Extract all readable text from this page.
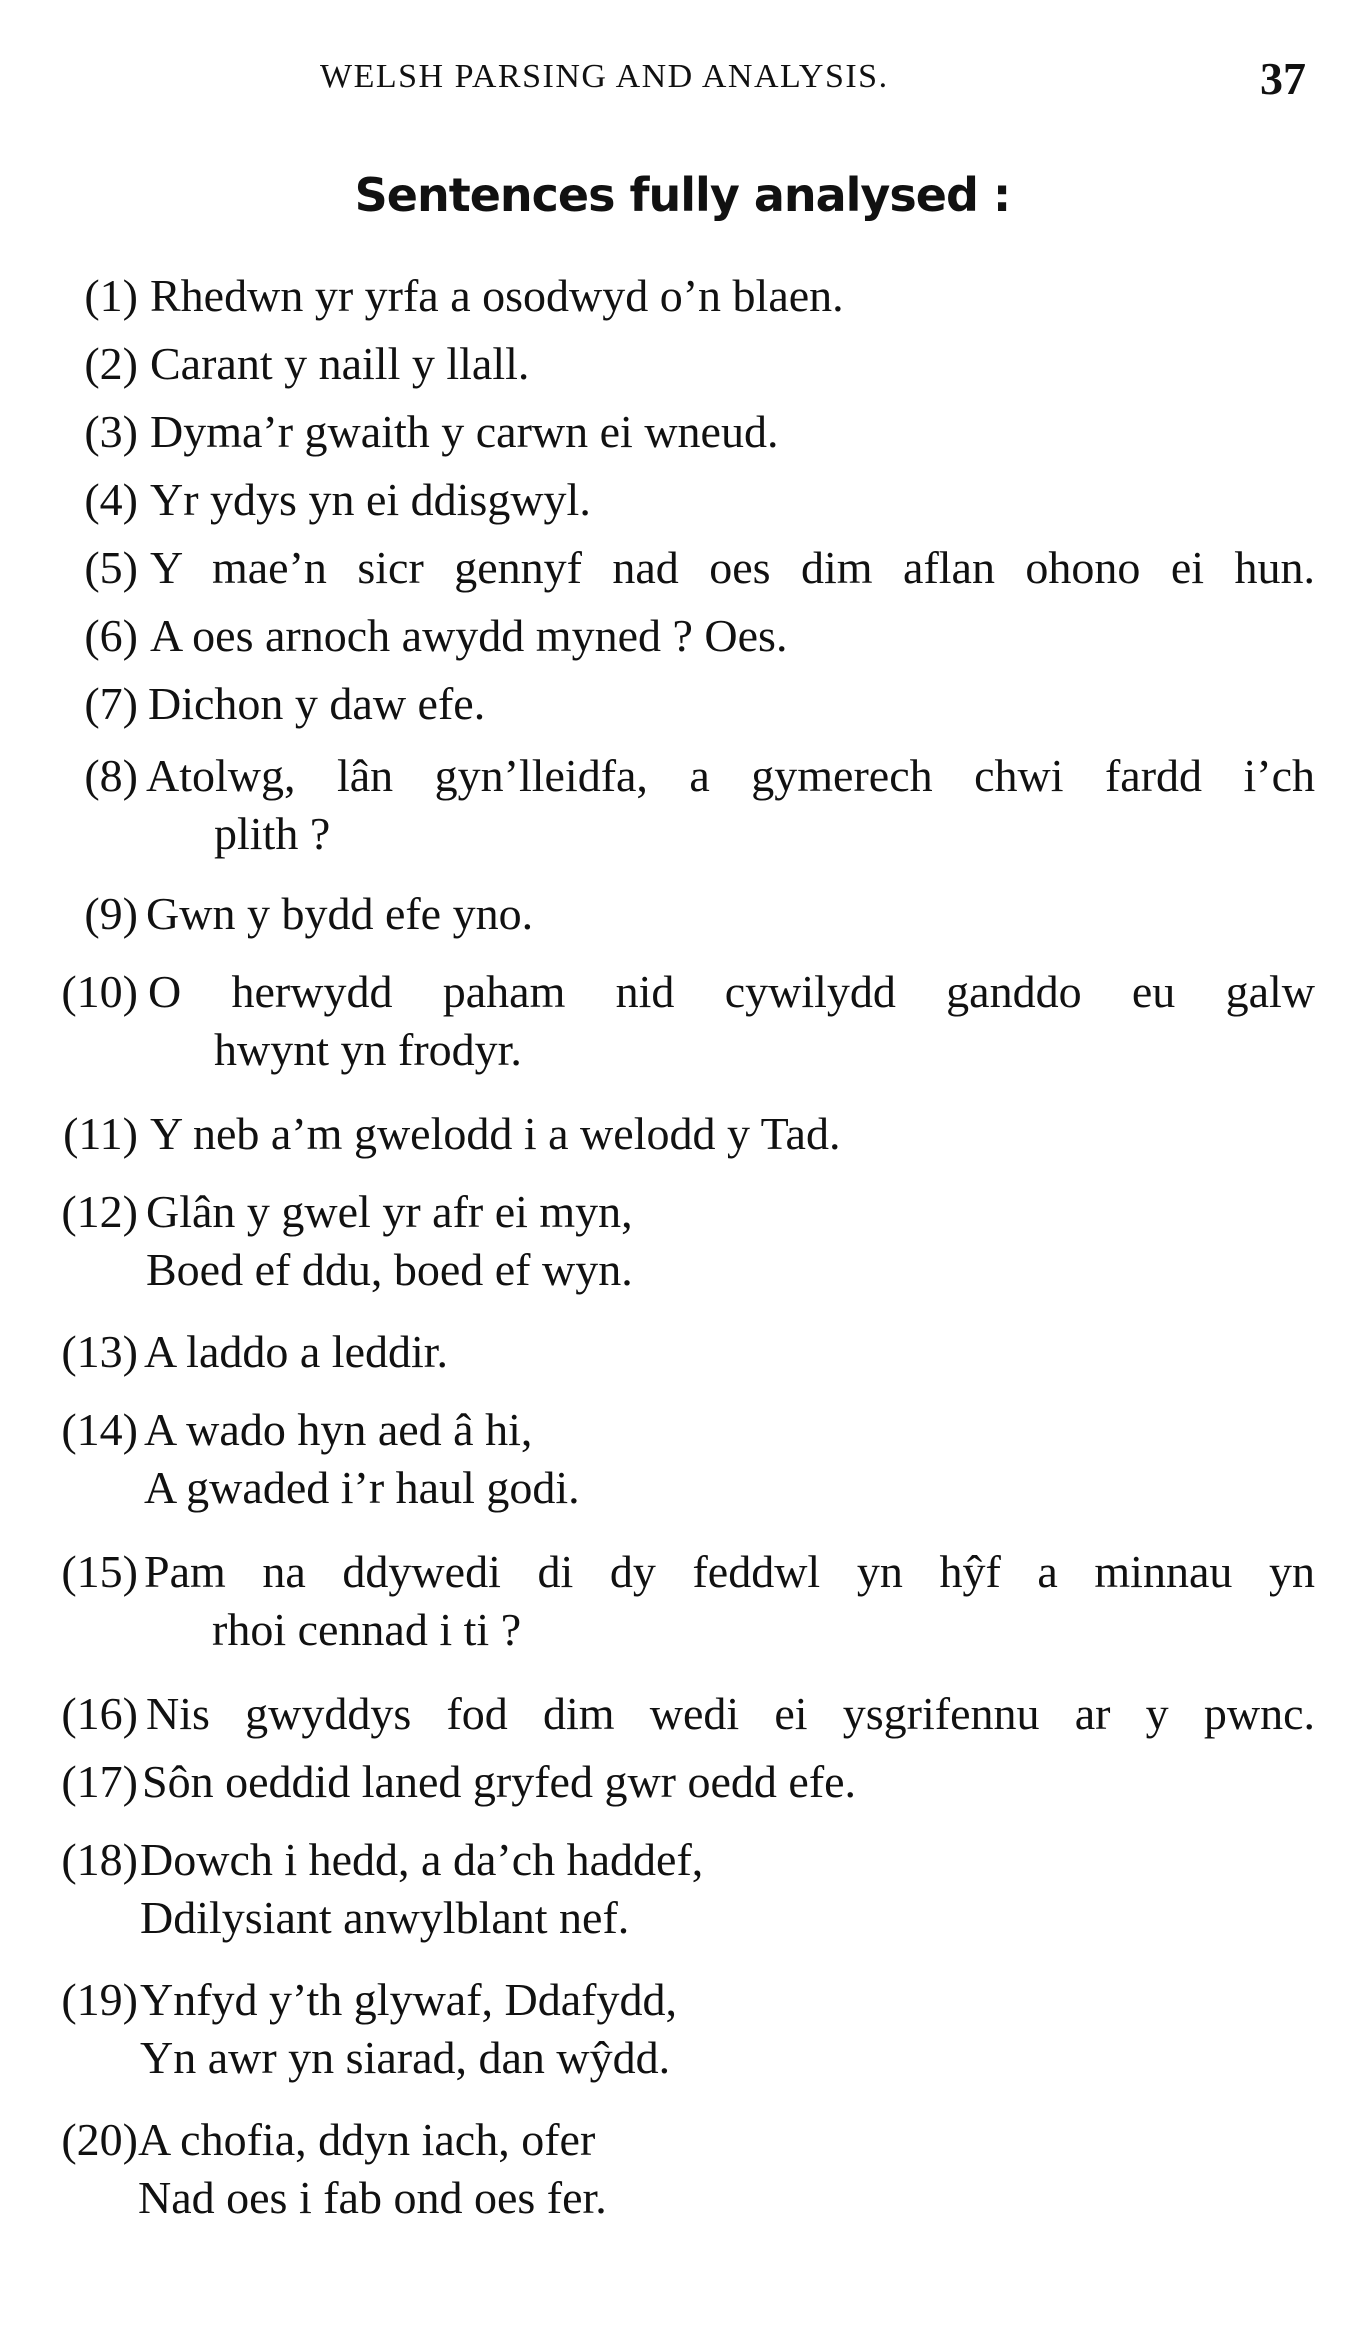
WELSH PARSING AND ANALYSIS.	37
Sentences fully analysed :
(1) Rhedwn yr yrfa a osodwyd o’n blaen.
(2) Carant y naill y llall.
(3) Dyma’r gwaith y carwn ei wneud.
(4) Yr ydys yn ei ddisgwyl.
(5) Y mae’n sicr gennyf nad oes dim aflan ohono ei hun.
(6) A oes arnoch awydd myned ? Oes.
(7) Dichon y daw efe.
(8) Atolwg, lân gyn’lleidfa, a gymerech chwi fardd i’ch
plith ?
(9) Gwn y bydd efe yno.
(10) O herwydd paham nid cywilydd ganddo eu galw
hwynt yn frodyr.
(11) Y neb a’m gwelodd i a welodd y Tad.
(12) Glân y gwel yr afr ei myn,
Boed ef ddu, boed ef wyn.
(13) A laddo a leddir.
(14) A wado hyn aed â hi,
A gwaded i’r haul godi.
(15) Pam na ddywedi di dy feddwl yn hŷf a minnau yn
rhoi cennad i ti ?
(16) Nis gwyddys fod dim wedi ei ysgrifennu ar y pwnc.
(17) Sôn oeddid laned gryfed gwr oedd efe.
(18) Dowch i hedd, a da’ch haddef,
Ddilysiant anwylblant nef.
(19) Ynfyd y’th glywaf, Ddafydd,
Yn awr yn siarad, dan wŷdd.
(20) A chofia, ddyn iach, ofer
Nad oes i fab ond oes fer.
